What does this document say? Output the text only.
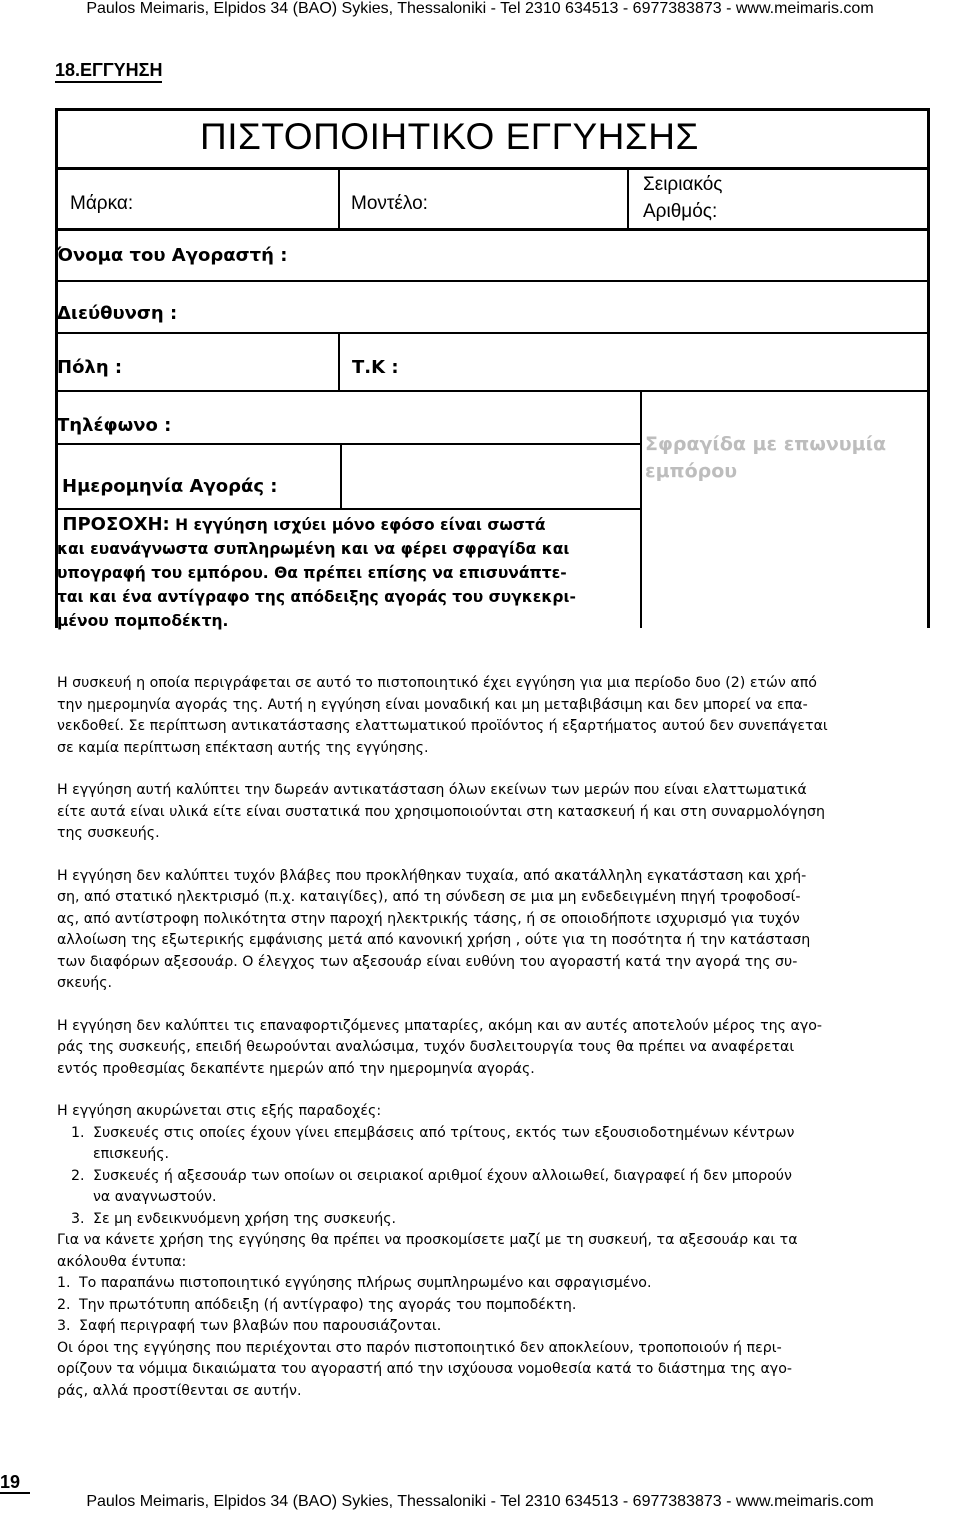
Paulos Meimaris, Elpidos 34 (BAO) Sykies, Thessaloniki - Tel 2310 634513 - 6977383873 - www.meimaris.com
18.ΕΓΓΥΗΣΗ
ΠΙΣΤΟΠΟΙΗΤΙΚΟ ΕΓΓΥΗΣΗΣ
Μάρκα:	Μοντέλο:
Σειριακός
Αριθμός:
Όνομα του Αγοραστή :
Διεύθυνση :
Πόλη :	Τ.Κ :
Τηλέφωνο :
Ημερομηνία Αγοράς :
Σφραγίδα με επωνυμία
εμπόρου
ΠΡΟΣΟΧΗ: Η εγγύηση ισχύει μόνο εφόσο είναι σωστά
και ευανάγνωστα συπληρωμένη και να φέρει σφραγίδα και
υπογραφή του εμπόρου. Θα πρέπει επίσης να επισυνάπτε-
ται και ένα αντίγραφο της απόδειξης αγοράς του συγκεκρι-
μένου πομποδέκτη.

Η συσκευή η οποία περιγράφεται σε αυτό το πιστοποιητικό έχει εγγύηση για μια περίοδο δυο (2) ετών από

την ημερομηνία αγοράς της. Αυτή η εγγύηση είναι μοναδική και μη μεταβιβάσιμη και δεν μπορεί να επα-

νεκδοθεί. Σε περίπτωση αντικατάστασης ελαττωματικού προϊόντος ή εξαρτήματος αυτού δεν συνεπάγεται

σε καμία περίπτωση επέκταση αυτής της εγγύησης.

Η εγγύηση αυτή καλύπτει την δωρεάν αντικατάσταση όλων εκείνων των μερών που είναι ελαττωματικά

είτε αυτά είναι υλικά είτε είναι συστατικά που χρησιμοποιούνται στη κατασκευή ή και στη συναρμολόγηση

της συσκευής.

Η εγγύηση δεν καλύπτει τυχόν βλάβες που προκλήθηκαν τυχαία, από ακατάλληλη εγκατάσταση και χρή-

ση, από στατικό ηλεκτρισμό (π.χ. καταιγίδες), από τη σύνδεση σε μια μη ενδεδειγμένη πηγή τροφοδοσί-

ας, από αντίστροφη πολικότητα στην παροχή ηλεκτρικής τάσης, ή σε οποιοδήποτε ισχυρισμό για τυχόν

αλλοίωση της εξωτερικής εμφάνισης μετά από κανονική χρήση , ούτε για τη ποσότητα ή την κατάσταση

των διαφόρων αξεσουάρ. Ο έλεγχος των αξεσουάρ είναι ευθύνη του αγοραστή κατά την αγορά της συ-

σκευής.

Η εγγύηση δεν καλύπτει τις επαναφορτιζόμενες μπαταρίες, ακόμη και αν αυτές αποτελούν μέρος της αγο-

ράς της συσκευής, επειδή θεωρούνται αναλώσιμα, τυχόν δυσλειτουργία τους θα πρέπει να αναφέρεται

εντός προθεσμίας δεκαπέντε ημερών από την ημερομηνία αγοράς.

Η εγγύηση ακυρώνεται στις εξής παραδοχές:

1. Συσκευές στις οποίες έχουν γίνει επεμβάσεις από τρίτους, εκτός των εξουσιοδοτημένων κέντρων

επισκευής.

2. Συσκευές ή αξεσουάρ των οποίων οι σειριακοί αριθμοί έχουν αλλοιωθεί, διαγραφεί ή δεν μπορούν

να αναγνωστούν.

3. Σε μη ενδεικνυόμενη χρήση της συσκευής.

Για να κάνετε χρήση της εγγύησης θα πρέπει να προσκομίσετε μαζί με τη συσκευή, τα αξεσουάρ και τα

ακόλουθα έντυπα:

1. Το παραπάνω πιστοποιητικό εγγύησης πλήρως συμπληρωμένο και σφραγισμένο.

2. Την πρωτότυπη απόδειξη (ή αντίγραφο) της αγοράς του πομποδέκτη.

3. Σαφή περιγραφή των βλαβών που παρουσιάζονται.

Οι όροι της εγγύησης που περιέχονται στο παρόν πιστοποιητικό δεν αποκλείουν, τροποποιούν ή περι-

ορίζουν τα νόμιμα δικαιώματα του αγοραστή από την ισχύουσα νομοθεσία κατά το διάστημα της αγο-

ράς, αλλά προστίθενται σε αυτήν.

19
Paulos Meimaris, Elpidos 34 (BAO) Sykies, Thessaloniki - Tel 2310 634513 - 6977383873 - www.meimaris.com
